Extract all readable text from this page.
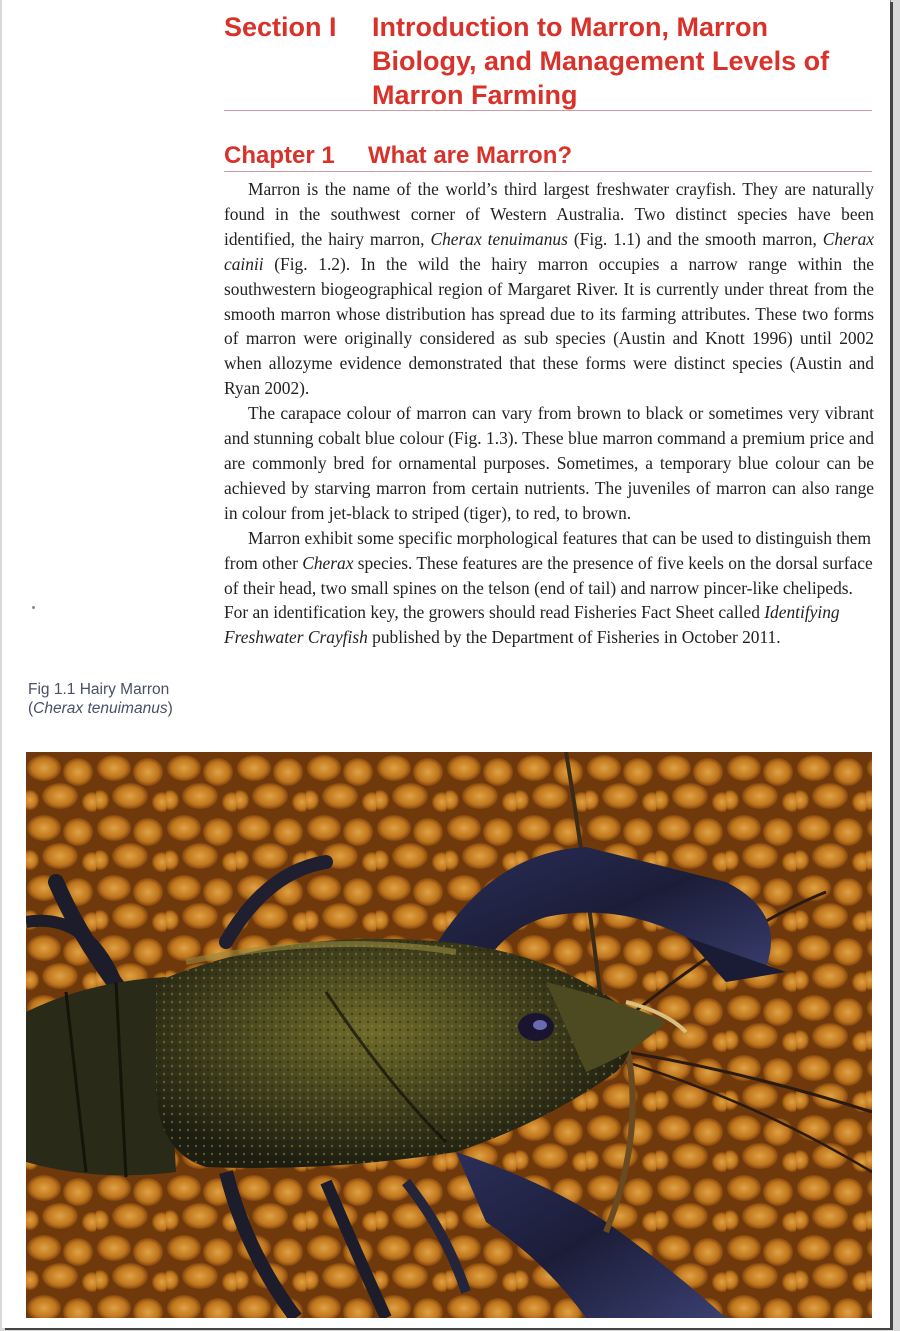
Section I Introduction to Marron, Marron Biology, and Management Levels of Marron Farming
Chapter 1 What are Marron?

Marron is the name of the world’s third largest freshwater crayfish. They are naturally found in the southwest corner of Western Australia. Two distinct species have been identified, the hairy marron, Cherax tenuimanus (Fig. 1.1) and the smooth marron, Cherax cainii (Fig. 1.2). In the wild the hairy marron occupies a narrow range within the southwestern biogeographical region of Margaret River. It is currently under threat from the smooth marron whose distribution has spread due to its farming attributes. These two forms of marron were originally considered as sub species (Austin and Knott 1996) until 2002 when allozyme evidence demonstrated that these forms were distinct species (Austin and Ryan 2002).

The carapace colour of marron can vary from brown to black or sometimes very vibrant and stunning cobalt blue colour (Fig. 1.3). These blue marron command a premium price and are commonly bred for ornamental purposes. Sometimes, a temporary blue colour can be achieved by starving marron from certain nutrients. The juveniles of marron can also range in colour from jet-black to striped (tiger), to red, to brown.

Marron exhibit some specific morphological features that can be used to distinguish them from other Cherax species. These features are the presence of five keels on the dorsal surface of their head, two small spines on the telson (end of tail) and narrow pincer-like chelipeds. For an identification key, the growers should read Fisheries Fact Sheet called Identifying Freshwater Crayfish published by the Department of Fisheries in October 2011.

Fig 1.1 Hairy Marron (Cherax tenuimanus)
